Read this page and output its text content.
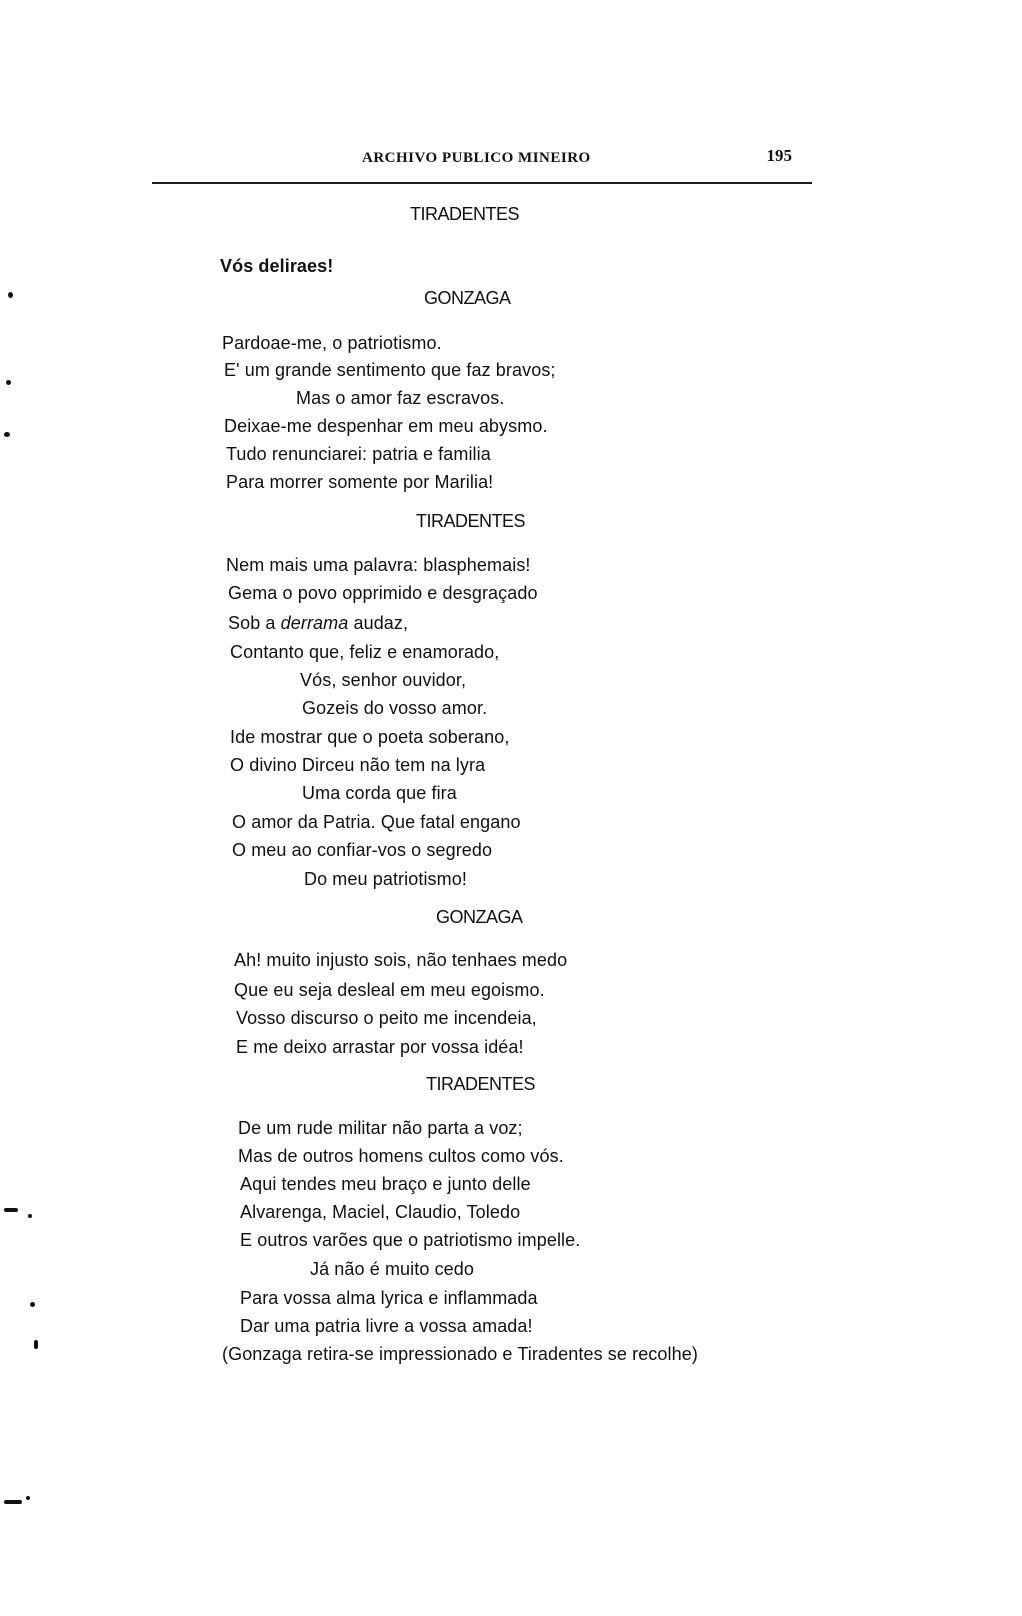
ARCHIVO PUBLICO MINEIRO	195
TIRADENTES
Vós deliraes!
GONZAGA
Pardoae-me, o patriotismo.
E' um grande sentimento que faz bravos;
Mas o amor faz escravos.
Deixae-me despenhar em meu abysmo.
Tudo renunciarei: patria e familia
Para morrer somente por Marilia!
TIRADENTES
Nem mais uma palavra: blasphemais!
Gema o povo opprimido e desgraçado
Sob a derrama audaz,
Contanto que, feliz e enamorado,
Vós, senhor ouvidor,
Gozeis do vosso amor.
Ide mostrar que o poeta soberano,
O divino Dirceu não tem na lyra
Uma corda que fira
O amor da Patria. Que fatal engano
O meu ao confiar-vos o segredo
Do meu patriotismo!
GONZAGA
Ah! muito injusto sois, não tenhaes medo
Que eu seja desleal em meu egoismo.
Vosso discurso o peito me incendeia,
E me deixo arrastar por vossa idéa!
TIRADENTES
De um rude militar não parta a voz;
Mas de outros homens cultos como vós.
Aqui tendes meu braço e junto delle
Alvarenga, Maciel, Claudio, Toledo
E outros varões que o patriotismo impelle.
Já não é muito cedo
Para vossa alma lyrica e inflammada
Dar uma patria livre a vossa amada!
(Gonzaga retira-se impressionado e Tiradentes se recolhe)
